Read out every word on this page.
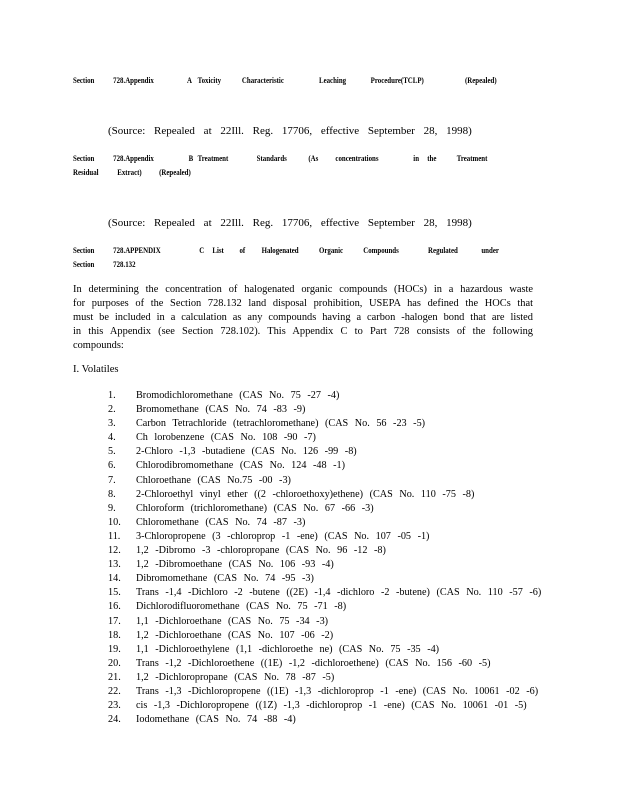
Section 728.Appendix	A Toxicity Characteristic	Leaching	Procedure(TCLP)	(Repealed)
(Source: Repealed at 22Ill. Reg. 17706, effective September 28, 1998)
Section 728.Appendix	B Treatment	Standards	(As concentrations	in the Treatment
Residual Extract) (Repealed)
(Source: Repealed at 22Ill. Reg. 17706, effective September 28, 1998)
Section 728.APPENDIX	C List of Halogenated Organic Compounds	Regulated	under
Section 728.132

In determining the concentration of halogenated organic compounds (HOCs) in a hazardous waste for purposes of the Section 728.132 land disposal prohibition, USEPA has defined the HOCs that must be included in a calculation as any compounds having a carbon -halogen bond that are listed in this Appendix (see Section 728.102). This Appendix C to Part 728 consists of the following compounds:

I. Volatiles
1.	Bromodichloromethane (CAS No. 75 -27 -4)
2.	Bromomethane (CAS No. 74 -83 -9)
3.	Carbon Tetrachloride (tetrachloromethane) (CAS No. 56 -23 -5)
4.	Ch lorobenzene (CAS No. 108 -90 -7)
5.	2-Chloro -1,3 -butadiene (CAS No. 126 -99 -8)
6.	Chlorodibromomethane (CAS No. 124 -48 -1)
7.	Chloroethane (CAS No.75 -00 -3)
8.	2-Chloroethyl vinyl ether ((2 -chloroethoxy)ethene) (CAS No. 110 -75 -8)
9.	Chloroform (trichloromethane) (CAS No. 67 -66 -3)
10.	Chloromethane (CAS No. 74 -87 -3)
11.	3-Chloropropene (3 -chloroprop -1 -ene) (CAS No. 107 -05 -1)
12.	1,2 -Dibromo -3 -chloropropane (CAS No. 96 -12 -8)
13.	1,2 -Dibromoethane (CAS No. 106 -93 -4)
14.	Dibromomethane (CAS No. 74 -95 -3)
15.	Trans -1,4 -Dichloro -2 -butene ((2E) -1,4 -dichloro -2 -butene) (CAS No. 110 -57 -6)
16.	Dichlorodifluoromethane (CAS No. 75 -71 -8)
17.	1,1 -Dichloroethane (CAS No. 75 -34 -3)
18.	1,2 -Dichloroethane (CAS No. 107 -06 -2)
19.	1,1 -Dichloroethylene (1,1 -dichloroethe ne) (CAS No. 75 -35 -4)
20.	Trans -1,2 -Dichloroethene ((1E) -1,2 -dichloroethene) (CAS No. 156 -60 -5)
21.	1,2 -Dichloropropane (CAS No. 78 -87 -5)
22.	Trans -1,3 -Dichloropropene ((1E) -1,3 -dichloroprop -1 -ene) (CAS No. 10061 -02 -6)
23.	cis -1,3 -Dichloropropene ((1Z) -1,3 -dichloroprop -1 -ene) (CAS No. 10061 -01 -5)
24.	Iodomethane (CAS No. 74 -88 -4)
